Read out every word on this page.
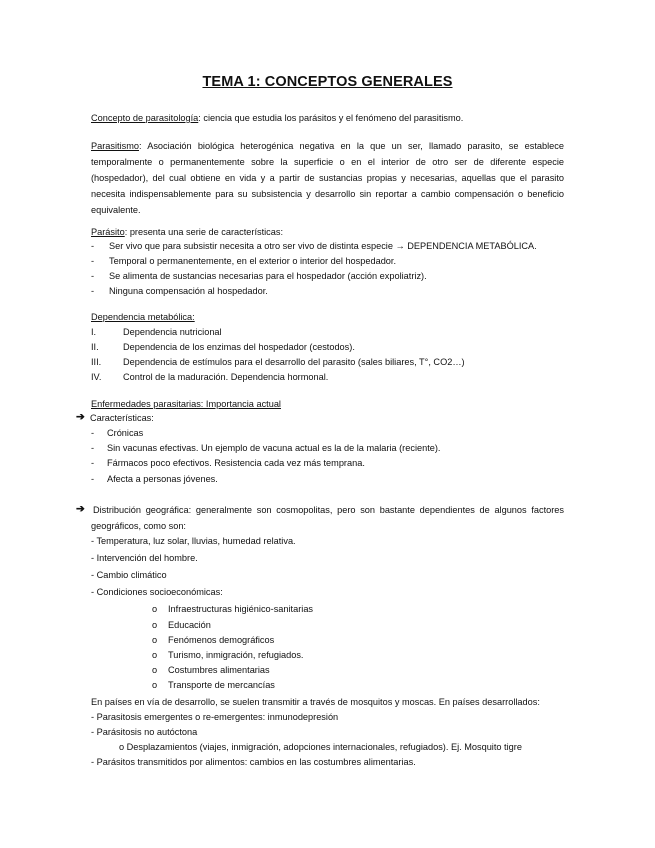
TEMA 1: CONCEPTOS GENERALES
Concepto de parasitología: ciencia que estudia los parásitos y el fenómeno del parasitismo.
Parasitismo: Asociación biológica heterogénica negativa en la que un ser, llamado parasito, se establece temporalmente o permanentemente sobre la superficie o en el interior de otro ser de diferente especie (hospedador), del cual obtiene en vida y a partir de sustancias propias y necesarias, aquellas que el parasito necesita indispensablemente para su subsistencia y desarrollo sin reportar a cambio compensación o beneficio equivalente.
Parásito: presenta una serie de características:
- Ser vivo que para subsistir necesita a otro ser vivo de distinta especie → DEPENDENCIA METABÓLICA.
- Temporal o permanentemente, en el exterior o interior del hospedador.
- Se alimenta de sustancias necesarias para el hospedador (acción expoliatriz).
- Ninguna compensación al hospedador.
Dependencia metabólica:
I.	Dependencia nutricional
II.	Dependencia de los enzimas del hospedador (cestodos).
III. Dependencia de estímulos para el desarrollo del parasito (sales biliares, T°, CO2…)
IV. Control de la maduración. Dependencia hormonal.
Enfermedades parasitarias: Importancia actual
➔ Características:
- Crónicas
- Sin vacunas efectivas. Un ejemplo de vacuna actual es la de la malaria (reciente).
- Fármacos poco efectivos. Resistencia cada vez más temprana.
- Afecta a personas jóvenes.
➔ Distribución geográfica: generalmente son cosmopolitas, pero son bastante dependientes de algunos factores geográficos, como son:
- Temperatura, luz solar, lluvias, humedad relativa.
- Intervención del hombre.
- Cambio climático
- Condiciones socioeconómicas:
o Infraestructuras higiénico-sanitarias
o Educación
o Fenómenos demográficos
o Turismo, inmigración, refugiados.
o Costumbres alimentarias
o Transporte de mercancías
En países en vía de desarrollo, se suelen transmitir a través de mosquitos y moscas. En países desarrollados:
- Parasitosis emergentes o re-emergentes: inmunodepresión
- Parásitosis no autóctona
o Desplazamientos (viajes, inmigración, adopciones internacionales, refugiados). Ej. Mosquito tigre
- Parásitos transmitidos por alimentos: cambios en las costumbres alimentarias.
